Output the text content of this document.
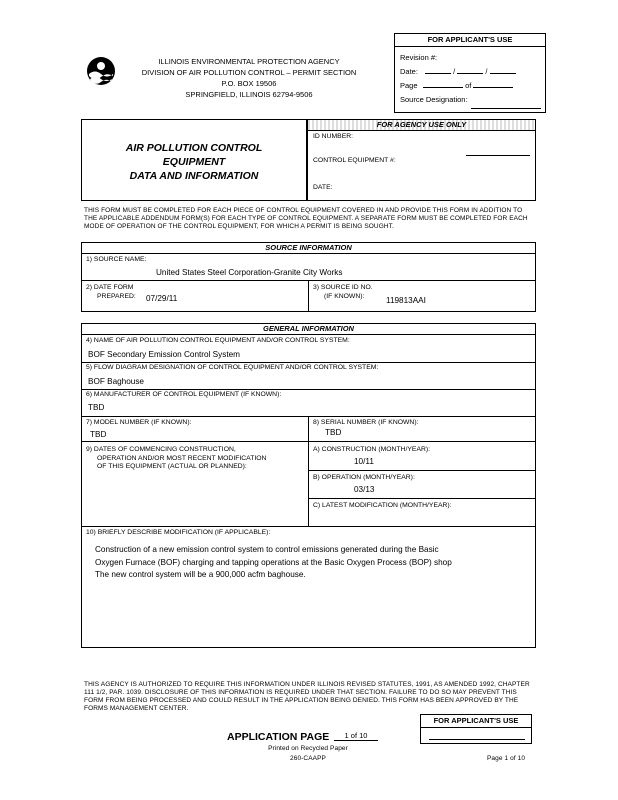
ILLINOIS ENVIRONMENTAL PROTECTION AGENCY
DIVISION OF AIR POLLUTION CONTROL – PERMIT SECTION
P.O. BOX 19506
SPRINGFIELD, ILLINOIS 62794-9506
FOR APPLICANT'S USE
Revision #:
Date:	/	/
Page	of
Source Designation:
AIR POLLUTION CONTROL
EQUIPMENT
DATA AND INFORMATION
FOR AGENCY USE ONLY
ID NUMBER:
CONTROL EQUIPMENT #:
DATE:
THIS FORM MUST BE COMPLETED FOR EACH PIECE OF CONTROL EQUIPMENT COVERED IN AND PROVIDE THIS FORM IN ADDITION TO THE APPLICABLE ADDENDUM FORM(S) FOR EACH TYPE OF CONTROL EQUIPMENT. A SEPARATE FORM MUST BE COMPLETED FOR EACH MODE OF OPERATION OF THE CONTROL EQUIPMENT, FOR WHICH A PERMIT IS BEING SOUGHT.
SOURCE INFORMATION
1) SOURCE NAME:
United States Steel Corporation-Granite City Works
2) DATE FORM
PREPARED: 07/29/11
3) SOURCE ID NO.
(IF KNOWN):	119813AAI
GENERAL INFORMATION
4) NAME OF AIR POLLUTION CONTROL EQUIPMENT AND/OR CONTROL SYSTEM:
BOF Secondary Emission Control System
5) FLOW DIAGRAM DESIGNATION OF CONTROL EQUIPMENT AND/OR CONTROL SYSTEM:
BOF Baghouse
6) MANUFACTURER OF CONTROL EQUIPMENT (IF KNOWN):
TBD
7) MODEL NUMBER (IF KNOWN):
TBD
8) SERIAL NUMBER (IF KNOWN):
TBD
9) DATES OF COMMENCING CONSTRUCTION,
OPERATION AND/OR MOST RECENT MODIFICATION
OF THIS EQUIPMENT (ACTUAL OR PLANNED):
A) CONSTRUCTION (MONTH/YEAR):
10/11
B) OPERATION (MONTH/YEAR):
03/13
C) LATEST MODIFICATION (MONTH/YEAR):
10) BRIEFLY DESCRIBE MODIFICATION (IF APPLICABLE):
Construction of a new emission control system to control emissions generated during the Basic
Oxygen Furnace (BOF) charging and tapping operations at the Basic Oxygen Process (BOP) shop
The new control system will be a 900,000 acfm baghouse.
THIS AGENCY IS AUTHORIZED TO REQUIRE THIS INFORMATION UNDER ILLINOIS REVISED STATUTES, 1991, AS AMENDED 1992, CHAPTER 111 1/2, PAR. 1039. DISCLOSURE OF THIS INFORMATION IS REQUIRED UNDER THAT SECTION. FAILURE TO DO SO MAY PREVENT THIS FORM FROM BEING PROCESSED AND COULD RESULT IN THE APPLICATION BEING DENIED. THIS FORM HAS BEEN APPROVED BY THE FORMS MANAGEMENT CENTER.
FOR APPLICANT'S USE
APPLICATION PAGE	1 of 10
Printed on Recycled Paper
260-CAAPP	Page 1 of 10
